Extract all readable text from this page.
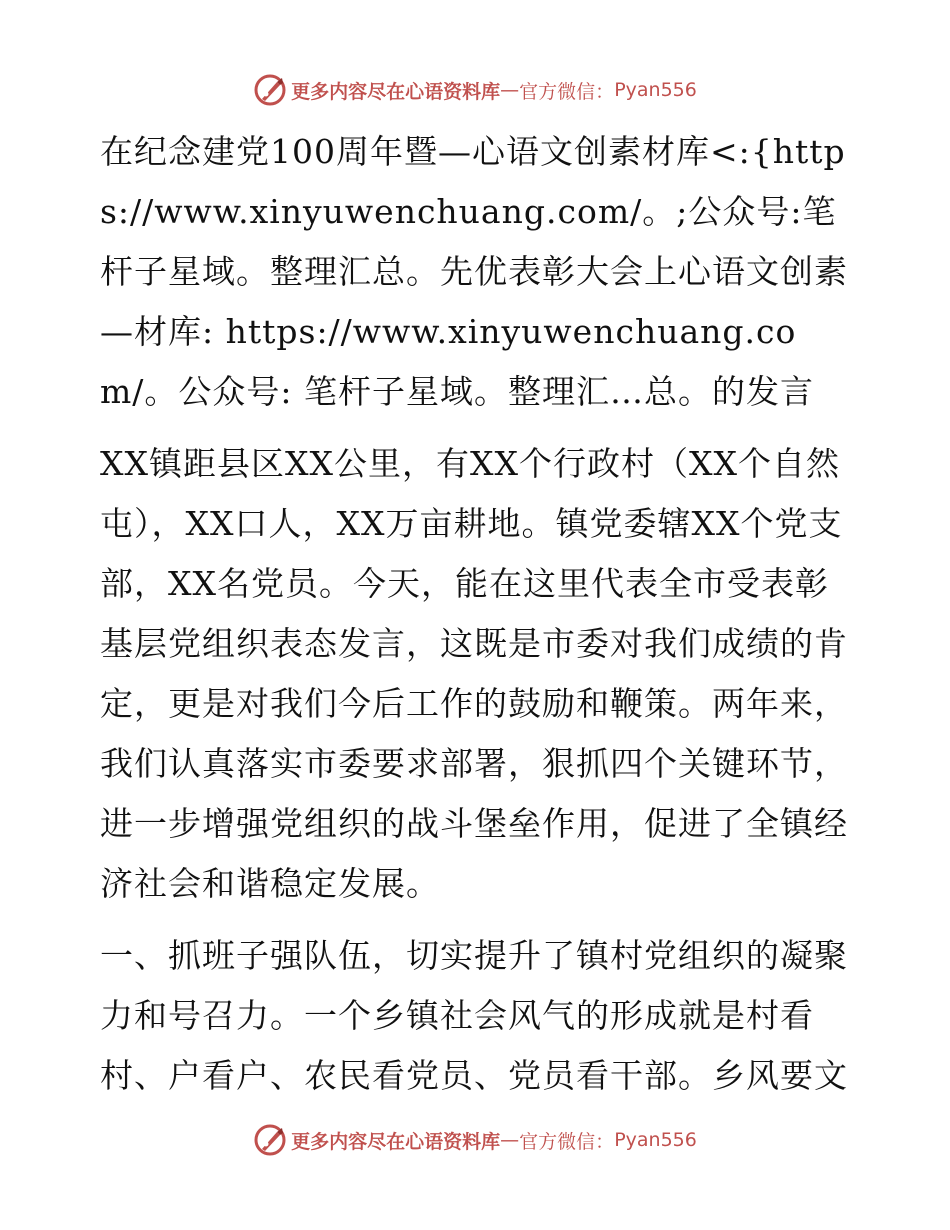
更多内容尽在心语资料库 — 官方微信： Pyan556

在纪念建党100周年暨—心语文创素材库<:{https://www.xinyuwenchuang.com/。;公众号:笔杆子星域。整理汇总。先优表彰大会上心语文创素—材库: https://www.xinyuwenchuang.com/。公众号: 笔杆子星域。整理汇…总。的发言

XX镇距县区XX公里，有XX个行政村（XX个自然屯），XX口人，XX万亩耕地。镇党委辖XX个党支部，XX名党员。今天，能在这里代表全市受表彰基层党组织表态发言，这既是市委对我们成绩的肯定，更是对我们今后工作的鼓励和鞭策。两年来，我们认真落实市委要求部署，狠抓四个关键环节，进一步增强党组织的战斗堡垒作用，促进了全镇经济社会和谐稳定发展。

一、抓班子强队伍，切实提升了镇村党组织的凝聚力和号召力。一个乡镇社会风气的形成就是村看村、户看户、农民看党员、党员看干部。乡风要文

更多内容尽在心语资料库 — 官方微信： Pyan556
